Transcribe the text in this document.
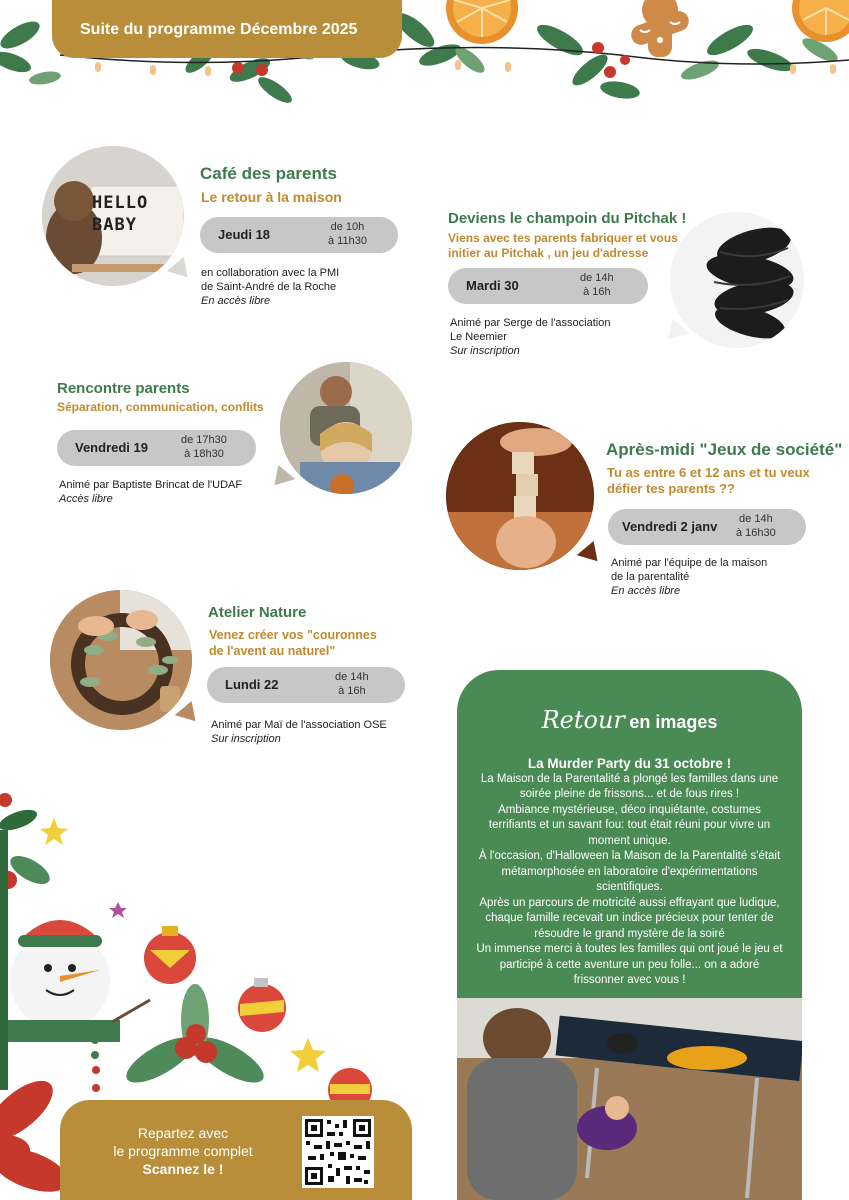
Suite du programme Décembre 2025
HELLO
BABY
Café des parents
Le retour à la maison
Jeudi 18	de 10h
à 11h30
en collaboration avec la PMI
de Saint-André de la Roche
En accès libre
Deviens le champoin du Pitchak !
Viens avec tes parents fabriquer et vous
initier au Pitchak , un jeu d'adresse
Mardi 30	de 14h
à 16h
Animé par Serge de l'association
Le Neemier
Sur inscription
Rencontre parents
Séparation, communication, conflits
Vendredi 19	de 17h30
à 18h30
Animé par Baptiste Brincat de l'UDAF
Accès libre
Après-midi "Jeux de société"
Tu as entre 6 et 12 ans et tu veux
défier tes parents ??
Vendredi 2 janv de 14h
à 16h30
Animé par l'équipe de la maison
de la parentalité
En accès libre
Atelier Nature
Venez créer vos "couronnes
de l'avent au naturel"
Lundi 22	de 14h
à 16h
Animé par Maï de l'association OSE
Sur inscription
Retour en images
La Murder Party du 31 octobre !
La Maison de la Parentalité a plongé les familles dans une soirée pleine de frissons... et de fous rires !
Ambiance mystérieuse, déco inquiétante, costumes terrifiants et un savant fou: tout était réuni pour vivre un moment unique.
À l'occasion, d'Halloween la Maison de la Parentalité s'était métamorphosée en laboratoire d'expérimentations scientifiques.
Après un parcours de motricité aussi effrayant que ludique, chaque famille recevait un indice précieux pour tenter de résoudre le grand mystère de la soiré
Un immense merci à toutes les familles qui ont joué le jeu et participé à cette aventure un peu folle... on a adoré frissonner avec vous !
Repartez avec
le programme complet
Scannez le !
